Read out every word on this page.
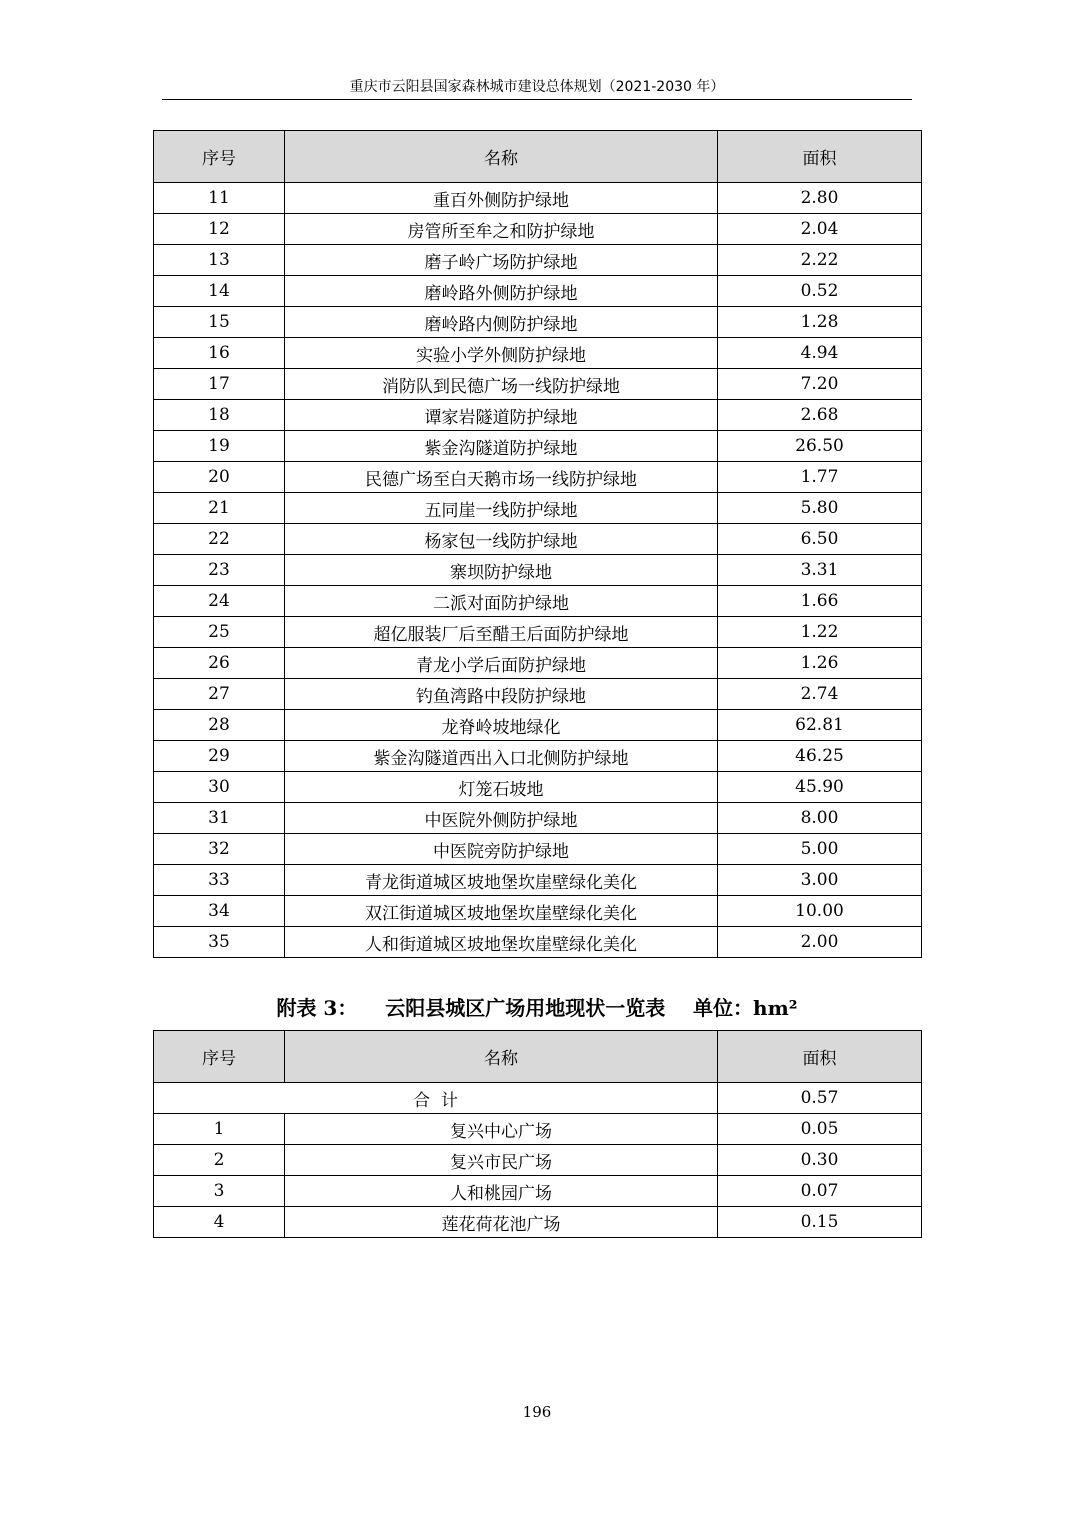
重庆市云阳县国家森林城市建设总体规划（2021-2030 年）
序号	名称	面积
11	重百外侧防护绿地	2.80
12	房管所至牟之和防护绿地	2.04
13	磨子岭广场防护绿地	2.22
14	磨岭路外侧防护绿地	0.52
15	磨岭路内侧防护绿地	1.28
16	实验小学外侧防护绿地	4.94
17	消防队到民德广场一线防护绿地	7.20
18	谭家岩隧道防护绿地	2.68
19	紫金沟隧道防护绿地	26.50
20	民德广场至白天鹅市场一线防护绿地	1.77
21	五同崖一线防护绿地	5.80
22	杨家包一线防护绿地	6.50
23	寨坝防护绿地	3.31
24	二派对面防护绿地	1.66
25	超亿服装厂后至醋王后面防护绿地	1.22
26	青龙小学后面防护绿地	1.26
27	钓鱼湾路中段防护绿地	2.74
28	龙脊岭坡地绿化	62.81
29	紫金沟隧道西出入口北侧防护绿地	46.25
30	灯笼石坡地	45.90
31	中医院外侧防护绿地	8.00
32	中医院旁防护绿地	5.00
33	青龙街道城区坡地堡坎崖壁绿化美化	3.00
34	双江街道城区坡地堡坎崖壁绿化美化	10.00
35	人和街道城区坡地堡坎崖壁绿化美化	2.00
附表 3：    云阳县城区广场用地现状一览表    单位：hm²
序号	名称	面积
合  计		0.57
1	复兴中心广场	0.05
2	复兴市民广场	0.30
3	人和桃园广场	0.07
4	莲花荷花池广场	0.15
196
